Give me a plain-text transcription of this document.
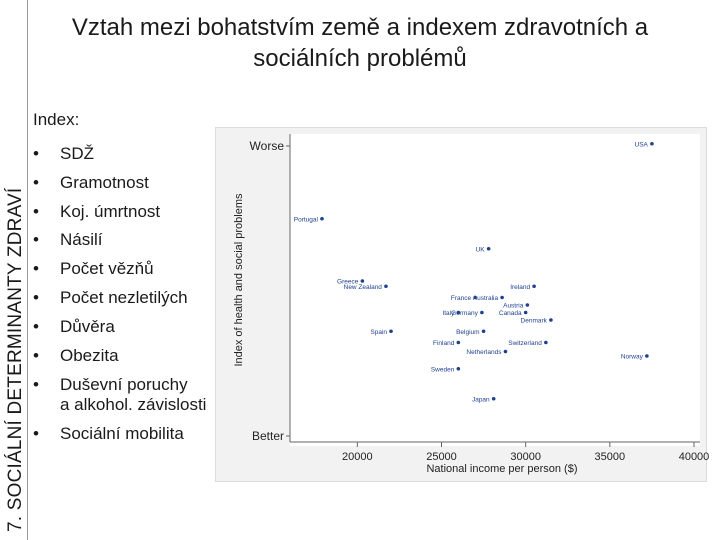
7. SOCIÁLNÍ DETERMINANTY ZDRAVÍ
Vztah mezi bohatstvím země a indexem zdravotních a sociálních problémů
Index:
• SDŽ
• Gramotnost
• Koj. úmrtnost
• Násilí
• Počet vězňů
• Počet nezletilých
• Důvěra
• Obezita
• Duševní poruchy
a alkohol. závislosti
• Sociální mobilita
Worse
Better
Index of health and social problems
20000	25000	30000	35000	40000
National income per person ($)
USA
Portugal
UK
Greece
New Zealand	Ireland
France Australia
Austria
Italy
Germany	Canada
Denmark
Spain	Belgium
Finland	Switzerland
Netherlands
Norway
Sweden
Japan
